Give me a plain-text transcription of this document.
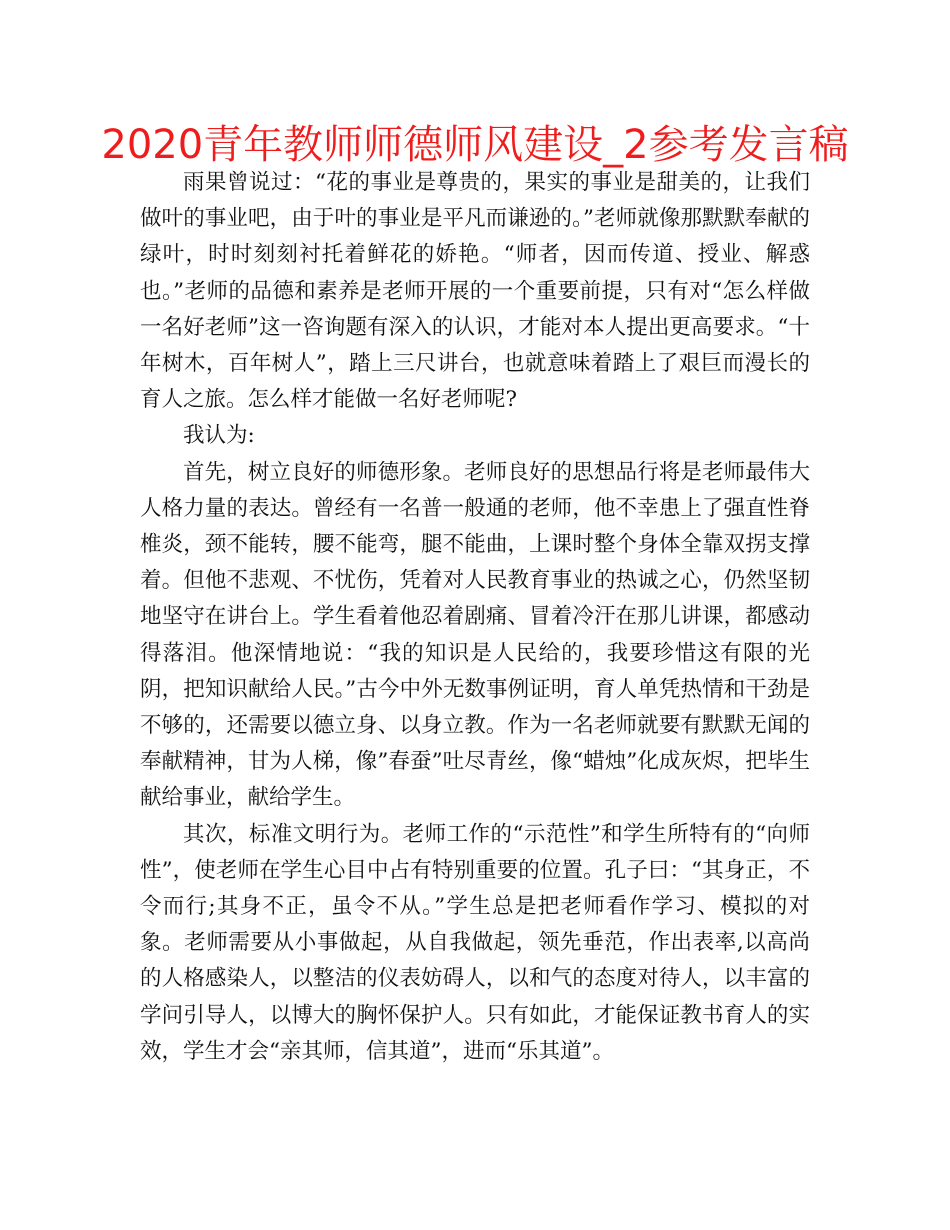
2020青年教师师德师风建设_2参考发言稿

雨果曾说过：“花的事业是尊贵的，果实的事业是甜美的，让我们做叶的事业吧，由于叶的事业是平凡而谦逊的。”老师就像那默默奉献的绿叶，时时刻刻衬托着鲜花的娇艳。“师者，因而传道、授业、解惑也。”老师的品德和素养是老师开展的一个重要前提，只有对“怎么样做一名好老师”这一咨询题有深入的认识，才能对本人提出更高要求。“十年树木，百年树人”，踏上三尺讲台，也就意味着踏上了艰巨而漫长的育人之旅。怎么样才能做一名好老师呢?

我认为:

首先，树立良好的师德形象。老师良好的思想品行将是老师最伟大人格力量的表达。曾经有一名普一般通的老师，他不幸患上了强直性脊椎炎，颈不能转，腰不能弯，腿不能曲，上课时整个身体全靠双拐支撑着。但他不悲观、不忧伤，凭着对人民教育事业的热诚之心，仍然坚韧地坚守在讲台上。学生看着他忍着剧痛、冒着冷汗在那儿讲课，都感动得落泪。他深情地说：“我的知识是人民给的，我要珍惜这有限的光阴，把知识献给人民。”古今中外无数事例证明，育人单凭热情和干劲是不够的，还需要以德立身、以身立教。作为一名老师就要有默默无闻的奉献精神，甘为人梯，像”春蚕”吐尽青丝，像“蜡烛”化成灰烬，把毕生献给事业，献给学生。

其次，标准文明行为。老师工作的“示范性”和学生所特有的“向师性”，使老师在学生心目中占有特别重要的位置。孔子曰：“其身正，不令而行;其身不正，虽令不从。”学生总是把老师看作学习、模拟的对象。老师需要从小事做起，从自我做起，领先垂范，作出表率,以高尚的人格感染人，以整洁的仪表妨碍人，以和气的态度对待人，以丰富的学问引导人，以博大的胸怀保护人。只有如此，才能保证教书育人的实效，学生才会“亲其师，信其道”，进而“乐其道”。
